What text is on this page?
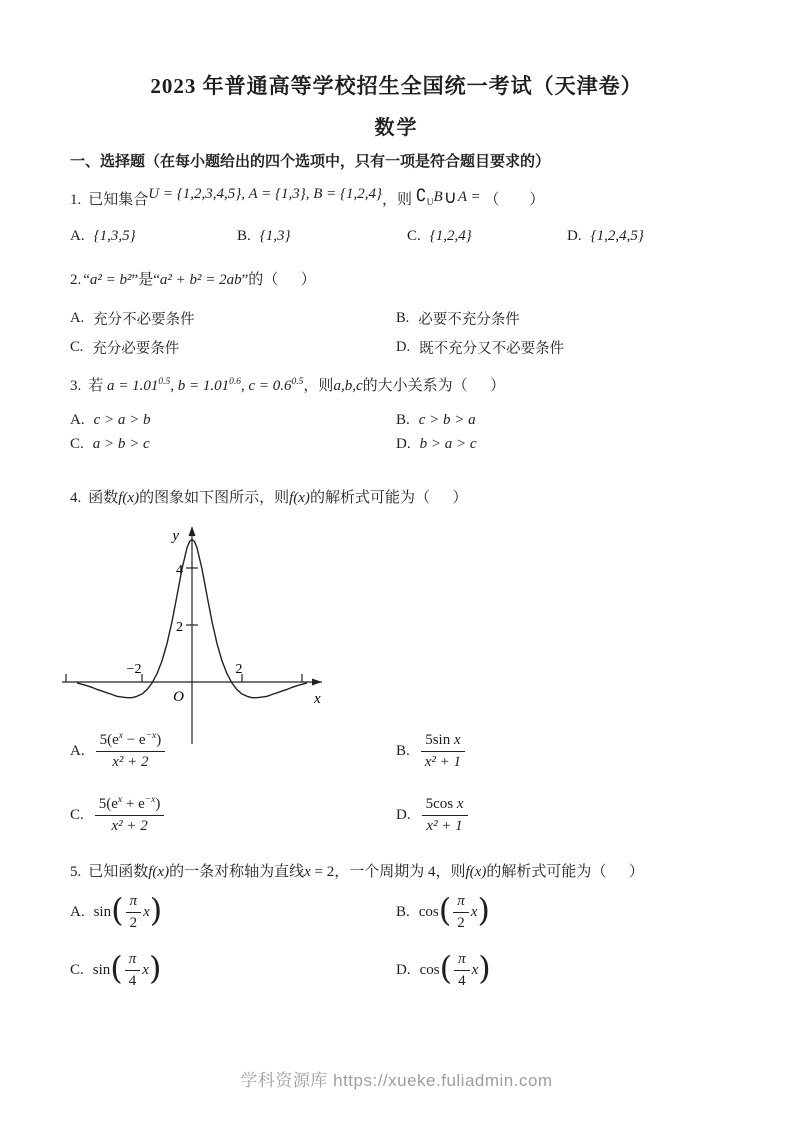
2023 年普通高等学校招生全国统一考试（天津卷）
数学
一、选择题（在每小题给出的四个选项中，只有一项是符合题目要求的）
1. 已知集合U = {1,2,3,4,5}, A = {1,3}, B = {1,2,4}，则 $∁_UB\cup A$ = （        ）
A. {1,3,5}	B. {1,3}	C. {1,2,4}	D. {1,2,4,5}
2. “a² = b²”是“a² + b² = 2ab”的（      ）
A. 充分不必要条件	B. 必要不充分条件
C. 充分必要条件	D. 既不充分又不必要条件
3. 若 $a = 1.01^{0.5}$, $b = 1.01^{0.6}$, $c = 0.6^{0.5}$，则a,b,c的大小关系为（      ）
A. c > a > b	B. c > b > a
C. a > b > c	D. b > a > c
4. 函数f(x)的图象如下图所示，则f(x)的解析式可能为（      ）
y
x
O
−2	2
2
4
A. $\frac{5(e^x - e^{-x})}{\text{x² + 2}}$	B. $\frac{\text{5sin x}}{\text{x² + 1}}$
C. $\frac{5(e^x + e^{-x})}{\text{x² + 2}}$	D. $\frac{\text{5cos x}}{\text{x² + 1}}$
5. 已知函数f(x)的一条对称轴为直线x = 2，一个周期为 4，则f(x)的解析式可能为（      ）
A. sin ( $\frac{\pi}{2}$ x )	B. cos ( $\frac{\pi}{2}$ x )
C. sin ( $\frac{\pi}{4}$ x )	D. cos ( $\frac{\pi}{4}$ x )
学科资源库 https://xueke.fuliadmin.com
